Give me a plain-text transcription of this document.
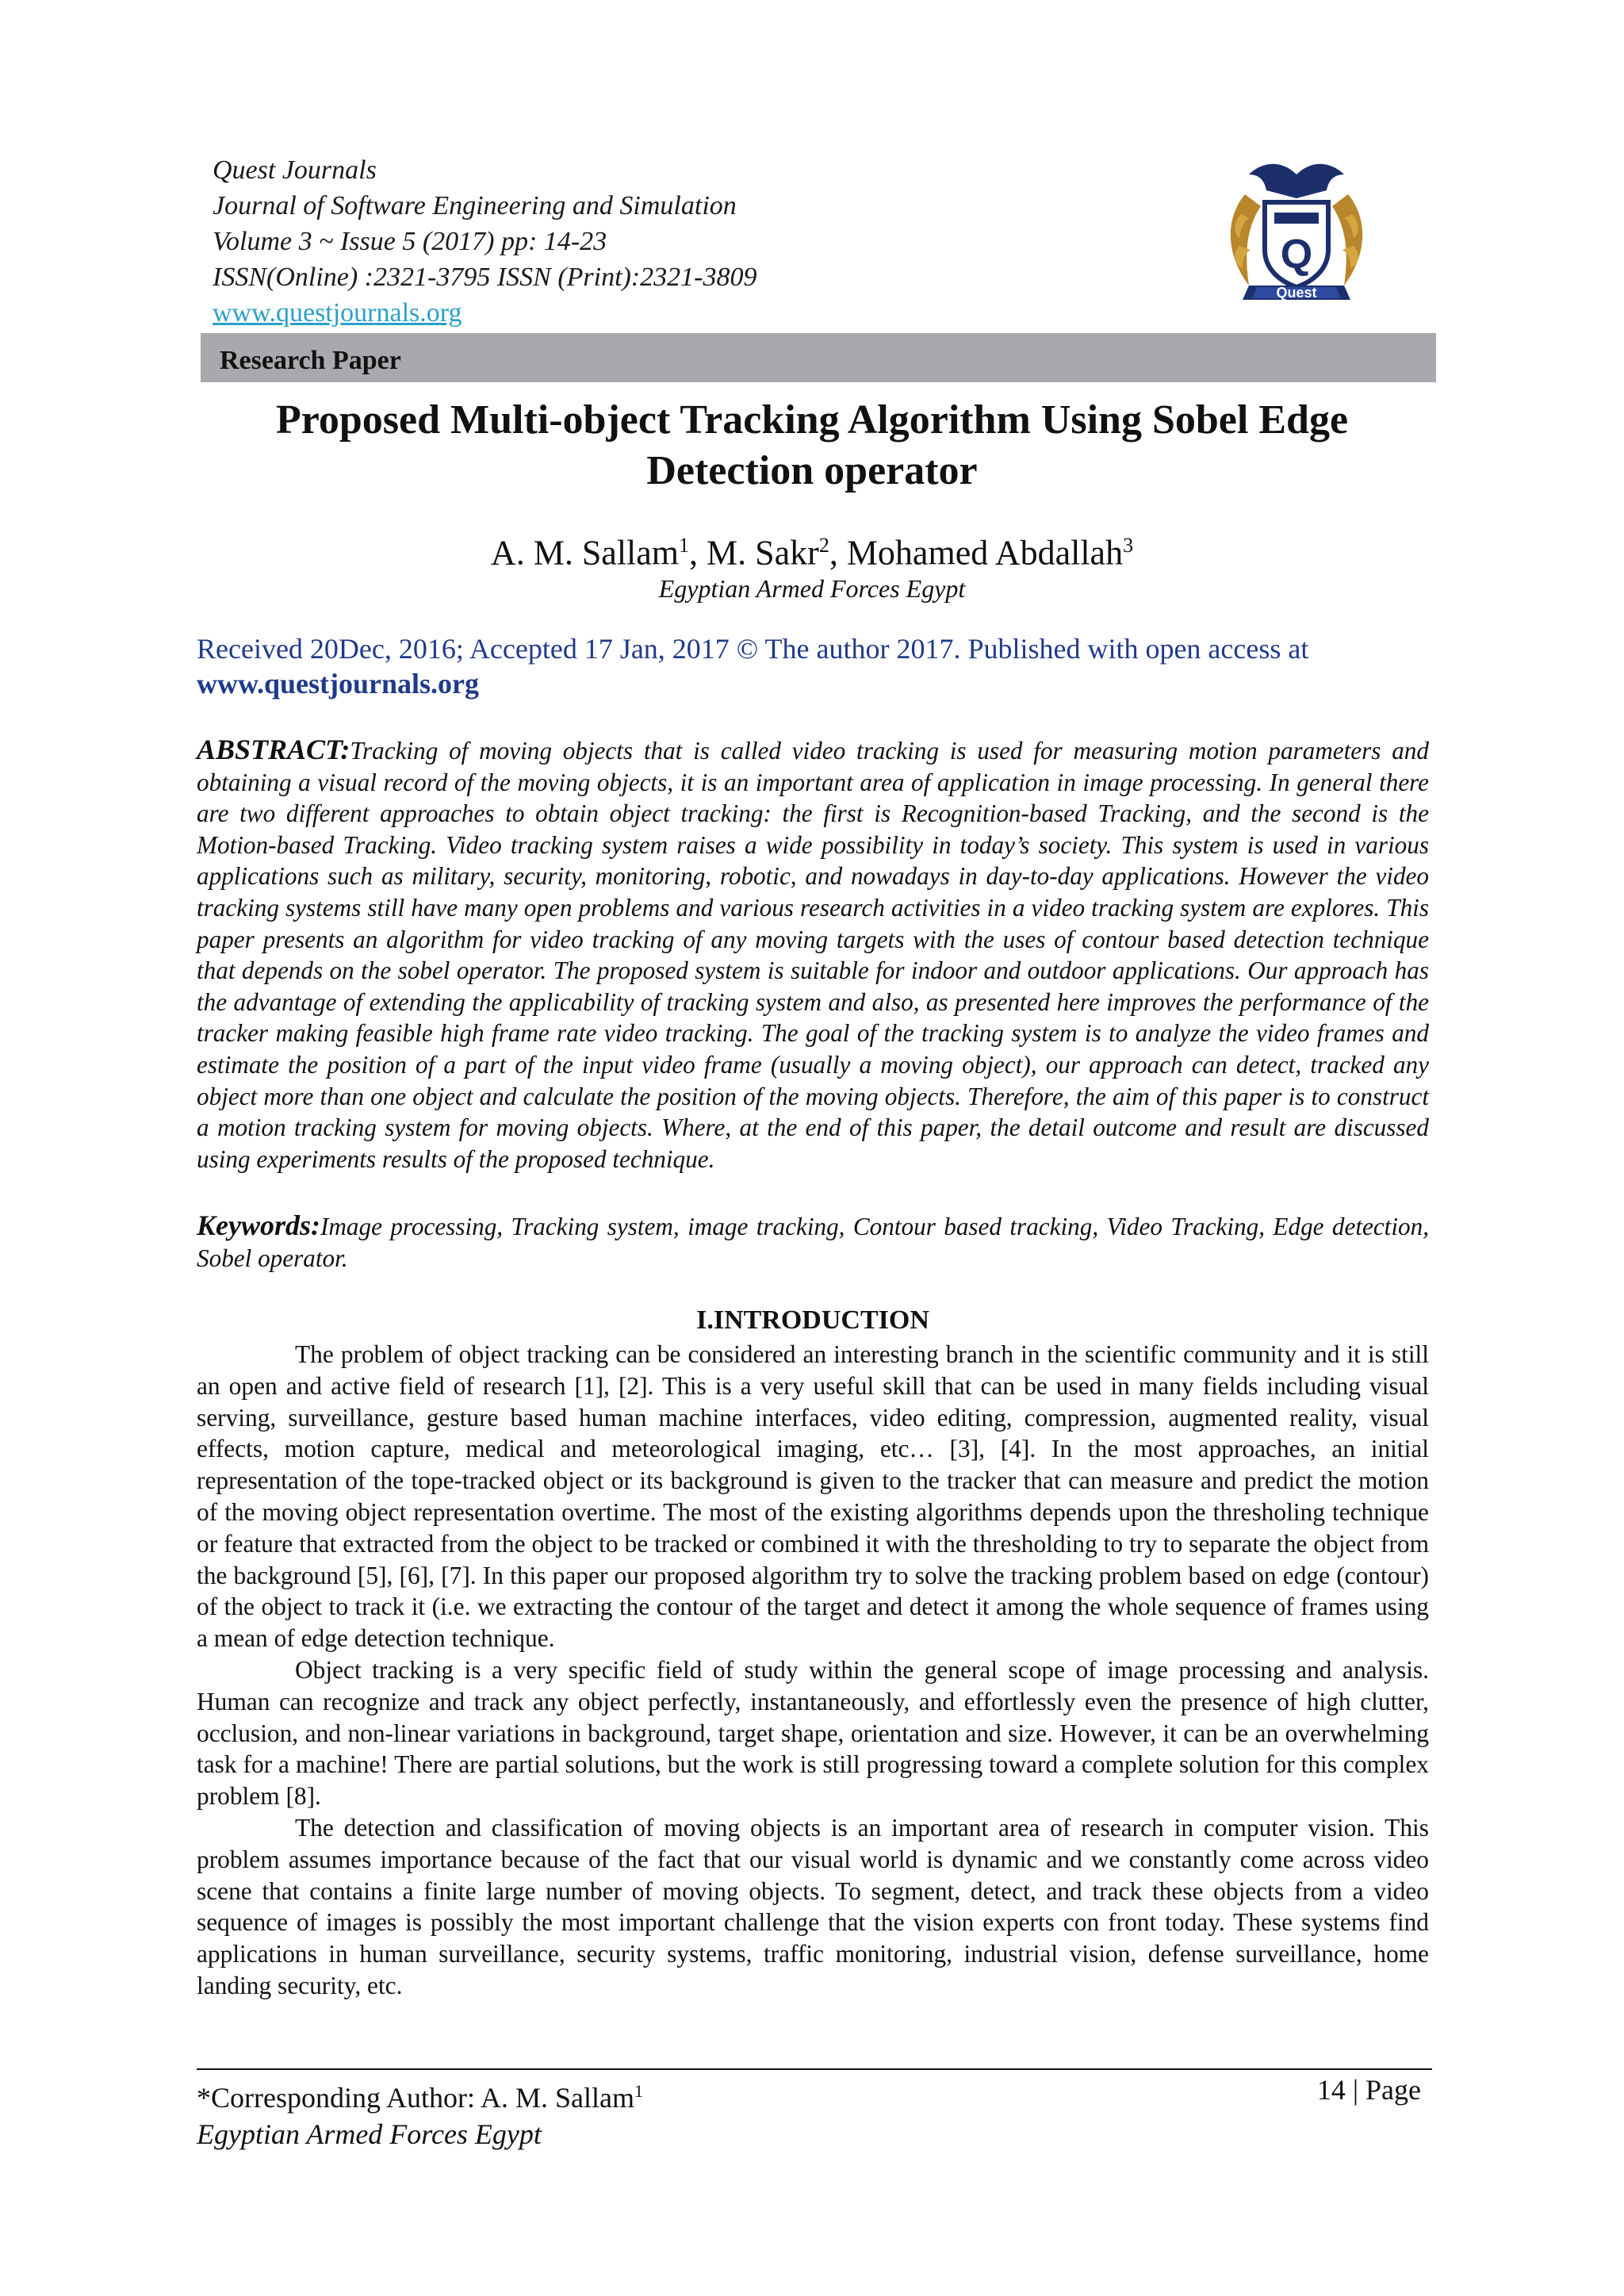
Quest Journals
Journal of Software Engineering and Simulation
Volume 3 ~ Issue 5 (2017) pp: 14-23
ISSN(Online) :2321-3795 ISSN (Print):2321-3809
www.questjournals.org
Q
Quest
Research Paper
Proposed Multi-object Tracking Algorithm Using Sobel Edge
Detection operator
A. M. Sallam$^1$, M. Sakr$^2$, Mohamed Abdallah$^3$
Egyptian Armed Forces Egypt
Received 20Dec, 2016; Accepted 17 Jan, 2017 © The author 2017. Published with open access at
www.questjournals.org
ABSTRACT:Tracking of moving objects that is called video tracking is used for measuring motion parameters and obtaining a visual record of the moving objects, it is an important area of application in image processing. In general there are two different approaches to obtain object tracking: the first is Recognition-based Tracking, and the second is the Motion-based Tracking. Video tracking system raises a wide possibility in today’s society. This system is used in various applications such as military, security, monitoring, robotic, and nowadays in day-to-day applications. However the video tracking systems still have many open problems and various research activities in a video tracking system are explores. This paper presents an algorithm for video tracking of any moving targets with the uses of contour based detection technique that depends on the sobel operator. The proposed system is suitable for indoor and outdoor applications. Our approach has the advantage of extending the applicability of tracking system and also, as presented here improves the performance of the tracker making feasible high frame rate video tracking. The goal of the tracking system is to analyze the video frames and estimate the position of a part of the input video frame (usually a moving object), our approach can detect, tracked any object more than one object and calculate the position of the moving objects. Therefore, the aim of this paper is to construct a motion tracking system for moving objects. Where, at the end of this paper, the detail outcome and result are discussed using experiments results of the proposed technique.
Keywords:Image processing, Tracking system, image tracking, Contour based tracking, Video Tracking, Edge detection, Sobel operator.
I.INTRODUCTION

The problem of object tracking can be considered an interesting branch in the scientific community and it is still an open and active field of research [1], [2]. This is a very useful skill that can be used in many fields including visual serving, surveillance, gesture based human machine interfaces, video editing, compression, augmented reality, visual effects, motion capture, medical and meteorological imaging, etc… [3], [4]. In the most approaches, an initial representation of the tope-tracked object or its background is given to the tracker that can measure and predict the motion of the moving object representation overtime. The most of the existing algorithms depends upon the thresholing technique or feature that extracted from the object to be tracked or combined it with the thresholding to try to separate the object from the background [5], [6], [7]. In this paper our proposed algorithm try to solve the tracking problem based on edge (contour) of the object to track it (i.e. we extracting the contour of the target and detect it among the whole sequence of frames using a mean of edge detection technique.

Object tracking is a very specific field of study within the general scope of image processing and analysis. Human can recognize and track any object perfectly, instantaneously, and effortlessly even the presence of high clutter, occlusion, and non-linear variations in background, target shape, orientation and size. However, it can be an overwhelming task for a machine! There are partial solutions, but the work is still progressing toward a complete solution for this complex problem [8].

The detection and classification of moving objects is an important area of research in computer vision. This problem assumes importance because of the fact that our visual world is dynamic and we constantly come across video scene that contains a finite large number of moving objects. To segment, detect, and track these objects from a video sequence of images is possibly the most important challenge that the vision experts con front today. These systems find applications in human surveillance, security systems, traffic monitoring, industrial vision, defense surveillance, home landing security, etc.

*Corresponding Author: A. M. Sallam$^1$
Egyptian Armed Forces Egypt
14 | Page
